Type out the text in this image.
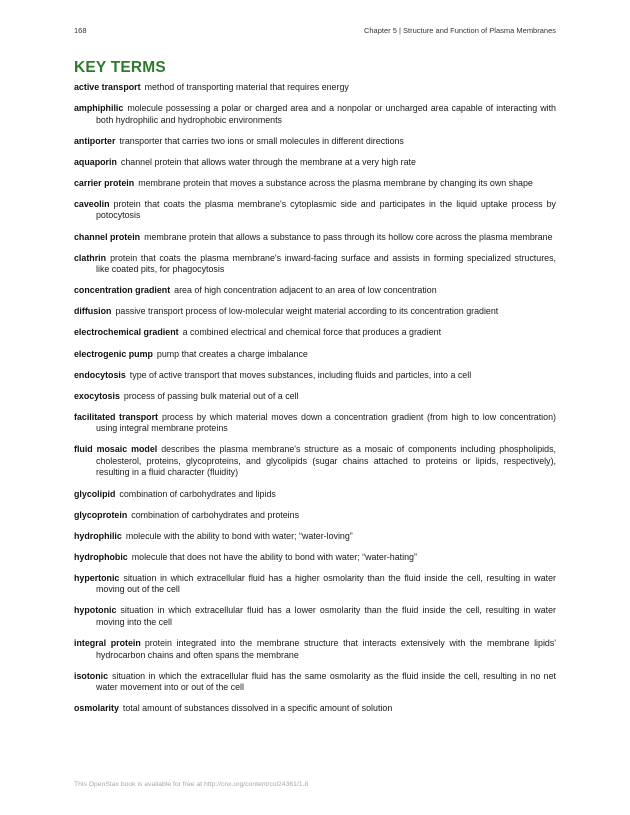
168	Chapter 5 | Structure and Function of Plasma Membranes
KEY TERMS
active transport method of transporting material that requires energy
amphiphilic molecule possessing a polar or charged area and a nonpolar or uncharged area capable of interacting with both hydrophilic and hydrophobic environments
antiporter transporter that carries two ions or small molecules in different directions
aquaporin channel protein that allows water through the membrane at a very high rate
carrier protein membrane protein that moves a substance across the plasma membrane by changing its own shape
caveolin protein that coats the plasma membrane's cytoplasmic side and participates in the liquid uptake process by potocytosis
channel protein membrane protein that allows a substance to pass through its hollow core across the plasma membrane
clathrin protein that coats the plasma membrane's inward-facing surface and assists in forming specialized structures, like coated pits, for phagocytosis
concentration gradient area of high concentration adjacent to an area of low concentration
diffusion passive transport process of low-molecular weight material according to its concentration gradient
electrochemical gradient a combined electrical and chemical force that produces a gradient
electrogenic pump pump that creates a charge imbalance
endocytosis type of active transport that moves substances, including fluids and particles, into a cell
exocytosis process of passing bulk material out of a cell
facilitated transport process by which material moves down a concentration gradient (from high to low concentration) using integral membrane proteins
fluid mosaic model describes the plasma membrane's structure as a mosaic of components including phospholipids, cholesterol, proteins, glycoproteins, and glycolipids (sugar chains attached to proteins or lipids, respectively), resulting in a fluid character (fluidity)
glycolipid combination of carbohydrates and lipids
glycoprotein combination of carbohydrates and proteins
hydrophilic molecule with the ability to bond with water; “water-loving”
hydrophobic molecule that does not have the ability to bond with water; “water-hating”
hypertonic situation in which extracellular fluid has a higher osmolarity than the fluid inside the cell, resulting in water moving out of the cell
hypotonic situation in which extracellular fluid has a lower osmolarity than the fluid inside the cell, resulting in water moving into the cell
integral protein protein integrated into the membrane structure that interacts extensively with the membrane lipids' hydrocarbon chains and often spans the membrane
isotonic situation in which the extracellular fluid has the same osmolarity as the fluid inside the cell, resulting in no net water movement into or out of the cell
osmolarity total amount of substances dissolved in a specific amount of solution
This OpenStax book is available for free at http://cnx.org/content/col24361/1.8
